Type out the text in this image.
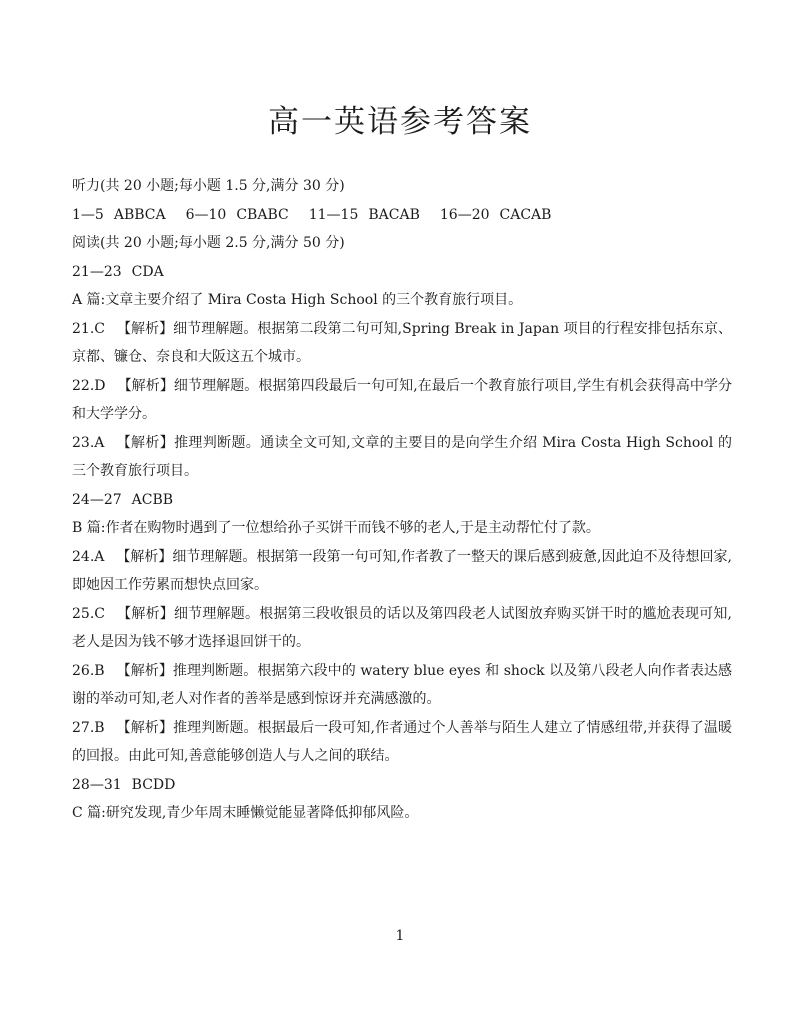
高一英语参考答案

听力(共 20 小题;每小题 1.5 分,满分 30 分)

1—5 ABBCA 6—10 CBABC 11—15 BACAB 16—20 CACAB

阅读(共 20 小题;每小题 2.5 分,满分 50 分)

21—23 CDA

A 篇:文章主要介绍了 Mira Costa High School 的三个教育旅行项目。

21.C 【解析】细节理解题。根据第二段第二句可知,Spring Break in Japan 项目的行程安排包括东京、京都、镰仓、奈良和大阪这五个城市。

22.D 【解析】细节理解题。根据第四段最后一句可知,在最后一个教育旅行项目,学生有机会获得高中学分和大学学分。

23.A 【解析】推理判断题。通读全文可知,文章的主要目的是向学生介绍 Mira Costa High School 的三个教育旅行项目。

24—27 ACBB

B 篇:作者在购物时遇到了一位想给孙子买饼干而钱不够的老人,于是主动帮忙付了款。

24.A 【解析】细节理解题。根据第一段第一句可知,作者教了一整天的课后感到疲惫,因此迫不及待想回家,即她因工作劳累而想快点回家。

25.C 【解析】细节理解题。根据第三段收银员的话以及第四段老人试图放弃购买饼干时的尴尬表现可知,老人是因为钱不够才选择退回饼干的。

26.B 【解析】推理判断题。根据第六段中的 watery blue eyes 和 shock 以及第八段老人向作者表达感谢的举动可知,老人对作者的善举是感到惊讶并充满感激的。

27.B 【解析】推理判断题。根据最后一段可知,作者通过个人善举与陌生人建立了情感纽带,并获得了温暖的回报。由此可知,善意能够创造人与人之间的联结。

28—31 BCDD

C 篇:研究发现,青少年周末睡懒觉能显著降低抑郁风险。

1
